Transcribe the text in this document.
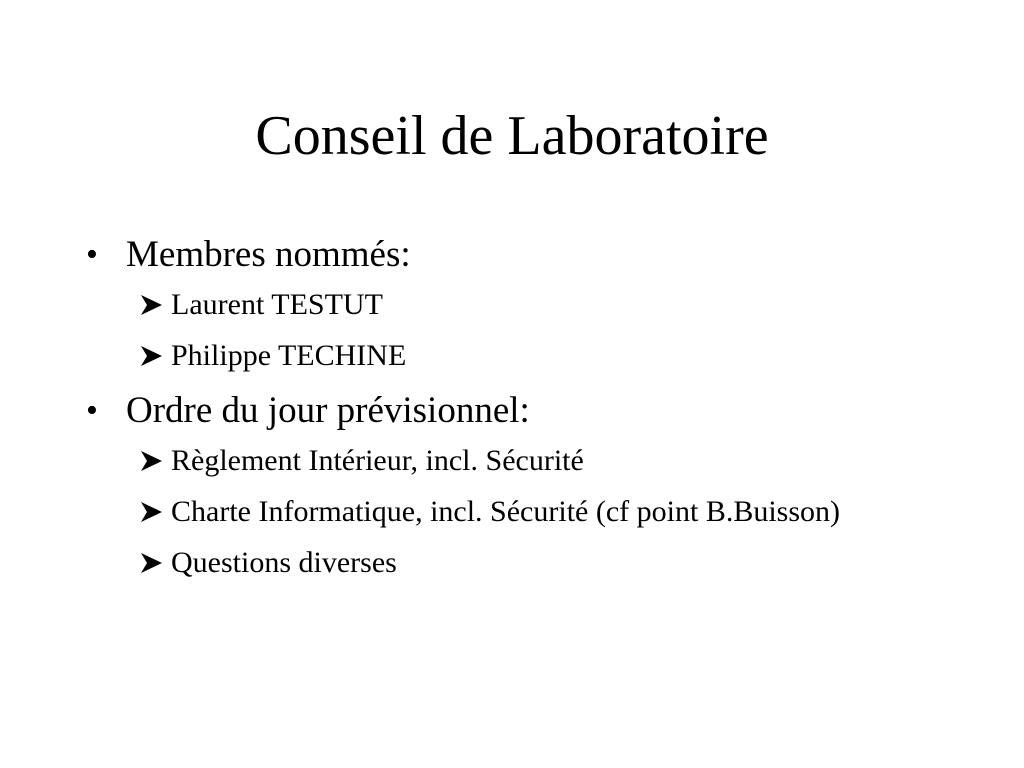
Conseil de Laboratoire
• Membres nommés:
Laurent TESTUT
Philippe TECHINE
• Ordre du jour prévisionnel:
Règlement Intérieur, incl. Sécurité
Charte Informatique, incl. Sécurité (cf point B.Buisson)
Questions diverses
